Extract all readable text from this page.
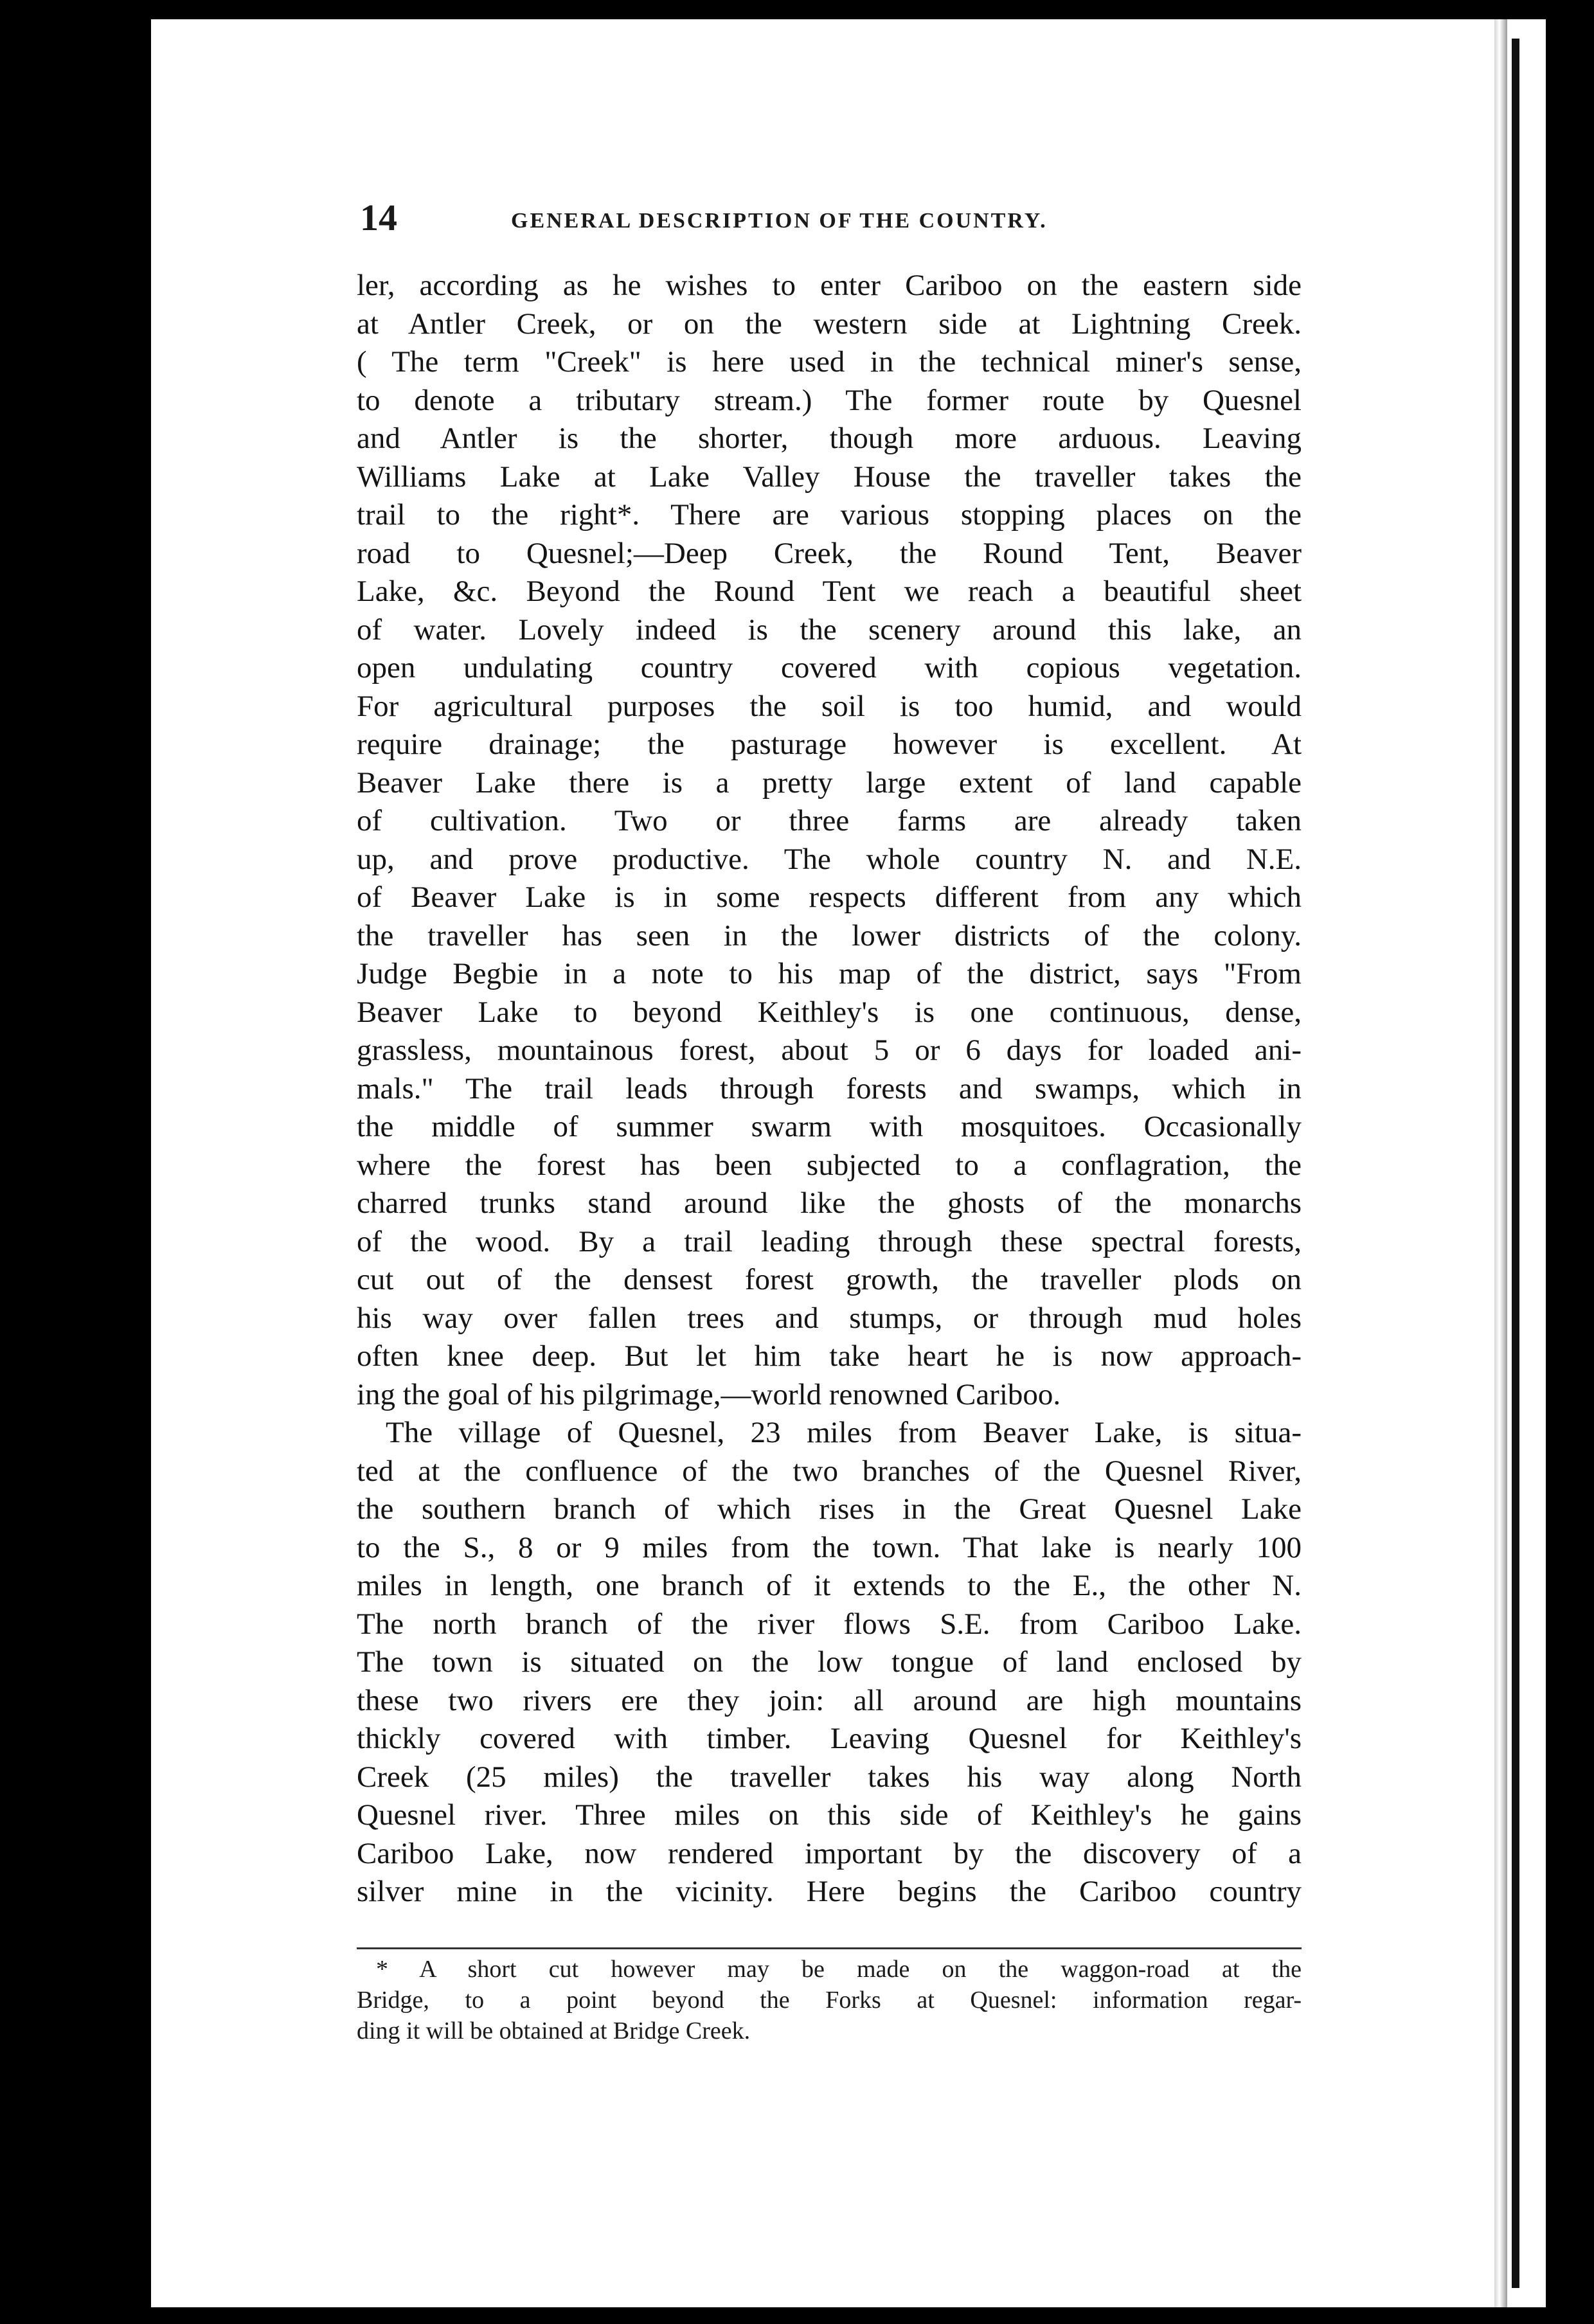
14	GENERAL DESCRIPTION OF THE COUNTRY.
ler, according as he wishes to enter Cariboo on the eastern side
at Antler Creek, or on the western side at Lightning Creek.
( The term "Creek" is here used in the technical miner's sense,
to denote a tributary stream.) The former route by Quesnel
and Antler is the shorter, though more arduous. Leaving
Williams Lake at Lake Valley House the traveller takes the
trail to the right*. There are various stopping places on the
road to Quesnel;—Deep Creek, the Round Tent, Beaver
Lake, &c. Beyond the Round Tent we reach a beautiful sheet
of water. Lovely indeed is the scenery around this lake, an
open undulating country covered with copious vegetation.
For agricultural purposes the soil is too humid, and would
require drainage; the pasturage however is excellent. At
Beaver Lake there is a pretty large extent of land capable
of cultivation. Two or three farms are already taken
up, and prove productive. The whole country N. and N.E.
of Beaver Lake is in some respects different from any which
the traveller has seen in the lower districts of the colony.
Judge Begbie in a note to his map of the district, says "From
Beaver Lake to beyond Keithley's is one continuous, dense,
grassless, mountainous forest, about 5 or 6 days for loaded ani-
mals." The trail leads through forests and swamps, which in
the middle of summer swarm with mosquitoes. Occasionally
where the forest has been subjected to a conflagration, the
charred trunks stand around like the ghosts of the monarchs
of the wood. By a trail leading through these spectral forests,
cut out of the densest forest growth, the traveller plods on
his way over fallen trees and stumps, or through mud holes
often knee deep. But let him take heart he is now approach-
ing the goal of his pilgrimage,—world renowned Cariboo.
The village of Quesnel, 23 miles from Beaver Lake, is situa-
ted at the confluence of the two branches of the Quesnel River,
the southern branch of which rises in the Great Quesnel Lake
to the S., 8 or 9 miles from the town. That lake is nearly 100
miles in length, one branch of it extends to the E., the other N.
The north branch of the river flows S.E. from Cariboo Lake.
The town is situated on the low tongue of land enclosed by
these two rivers ere they join: all around are high mountains
thickly covered with timber. Leaving Quesnel for Keithley's
Creek (25 miles) the traveller takes his way along North
Quesnel river. Three miles on this side of Keithley's he gains
Cariboo Lake, now rendered important by the discovery of a
silver mine in the vicinity. Here begins the Cariboo country
* A short cut however may be made on the waggon-road at the
Bridge, to a point beyond the Forks at Quesnel: information regar-
ding it will be obtained at Bridge Creek.
